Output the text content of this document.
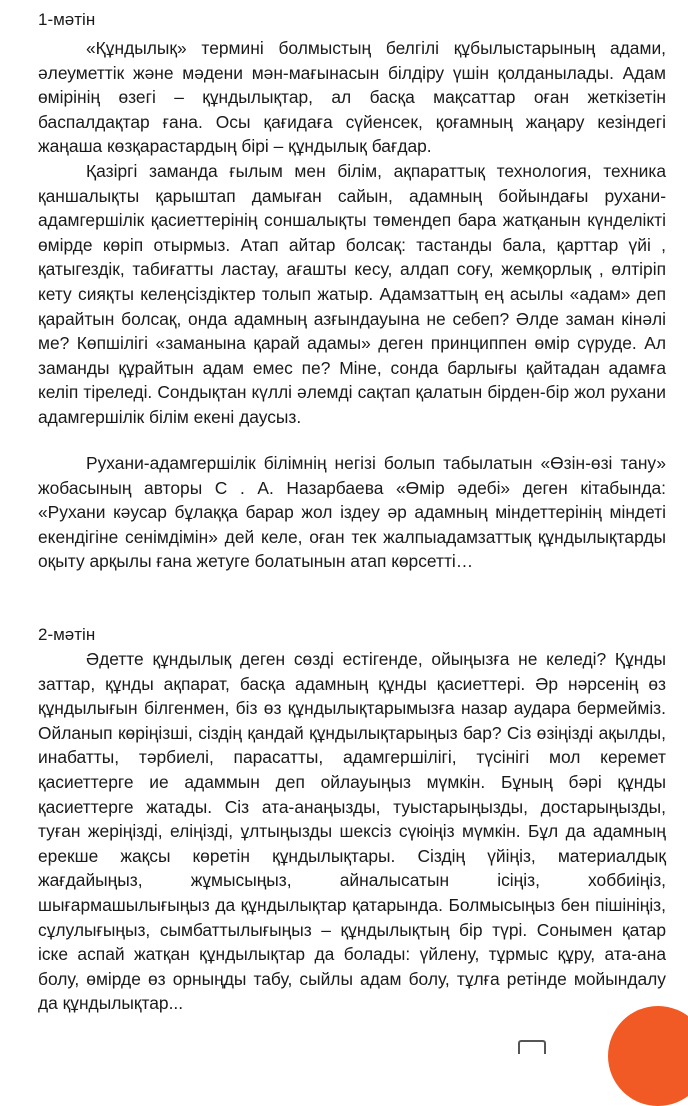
1-мәтін

«Құндылық» термині болмыстың белгілі құбылыстарының адами, әлеуметтік және мәдени мән-мағынасын білдіру үшін қолданылады. Адам өмірінің өзегі – құндылықтар, ал басқа мақсаттар оған жеткізетін баспалдақтар ғана. Осы қағидаға сүйенсек, қоғамның жаңару кезіндегі жаңаша көзқарастардың бірі – құндылық бағдар.

Қазіргі заманда ғылым мен білім, ақпараттық технология, техника қаншалықты қарыштап дамыған сайын, адамның бойындағы рухани-адамгершілік қасиеттерінің соншалықты төмендеп бара жатқанын күнделікті өмірде көріп отырмыз. Атап айтар болсақ: тастанды бала, қарттар үйі , қатыгездік, табиғатты ластау, ағашты кесу, алдап соғу, жемқорлық , өлтіріп кету сияқты келеңсіздіктер толып жатыр. Адамзаттың ең асылы «адам» деп қарайтын болсақ, онда адамның азғындауына не себеп? Әлде заман кінәлі ме? Көпшілігі «заманына қарай адамы» деген принциппен өмір сүруде. Ал заманды құрайтын адам емес пе? Міне, сонда барлығы қайтадан адамға келіп тіреледі. Сондықтан күллі әлемді сақтап қалатын бірден-бір жол рухани адамгершілік білім екені даусыз.

Рухани-адамгершілік білімнің негізі болып табылатын «Өзін-өзі тану» жобасының авторы С . А. Назарбаева «Өмір әдебі» деген кітабында: «Рухани кәусар бұлаққа барар жол іздеу әр адамның міндеттерінің міндеті екендігіне сенімдімін» дей келе, оған тек жалпыадамзаттық құндылықтарды оқыту арқылы ғана жетуге болатынын атап көрсетті…

2-мәтін

Әдетте құндылық деген сөзді естігенде, ойыңызға не келеді? Құнды заттар, құнды ақпарат, басқа адамның құнды қасиеттері. Әр нәрсенің өз құндылығын білгенмен, біз өз құндылықтарымызға назар аудара бермейміз. Ойланып көріңізші, сіздің қандай құндылықтарыңыз бар? Сіз өзіңізді ақылды, инабатты, тәрбиелі, парасатты, адамгершілігі, түсінігі мол керемет қасиеттерге ие адаммын деп ойлауыңыз мүмкін. Бұның бәрі құнды қасиеттерге жатады. Сіз ата-анаңызды, туыстарыңызды, достарыңызды, туған жеріңізді, еліңізді, ұлтыңызды шексіз сүюіңіз мүмкін. Бұл да адамның ерекше жақсы көретін құндылықтары. Сіздің үйіңіз, материалдық жағдайыңыз, жұмысыңыз, айналысатын ісіңіз, хоббиіңіз, шығармашылығыңыз да құндылықтар қатарында. Болмысыңыз бен пішініңіз, сұлулығыңыз, сымбаттылығыңыз – құндылықтың бір түрі. Сонымен қатар іске аспай жатқан құндылықтар да болады: үйлену, тұрмыс құру, ата-ана болу, өмірде өз орныңды табу, сыйлы адам болу, тұлға ретінде мойындалу да құндылықтар...
